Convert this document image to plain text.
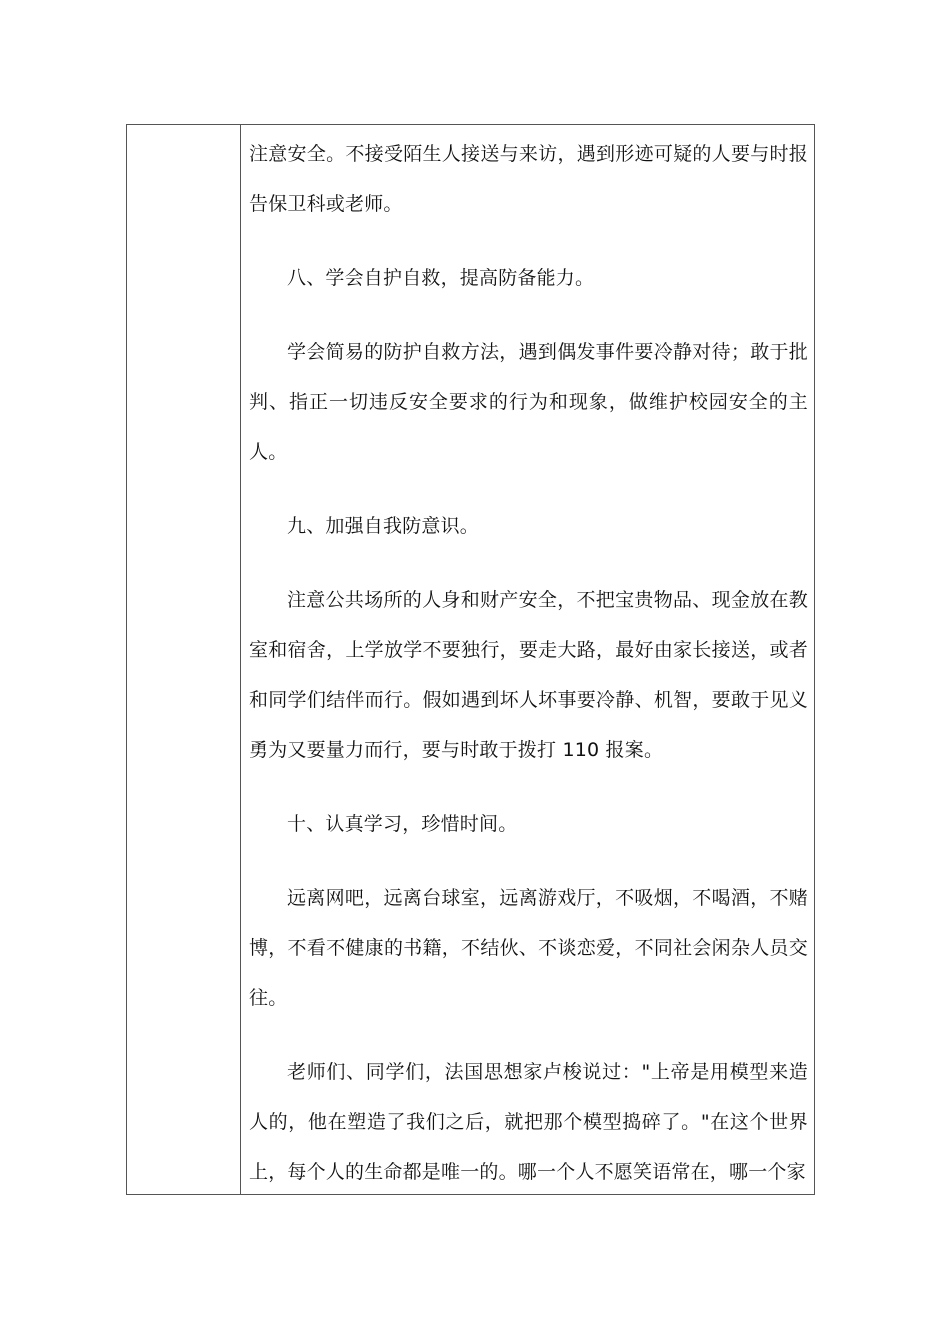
注意安全。不接受陌生人接送与来访，遇到形迹可疑的人要与时报告保卫科或老师。

八、学会自护自救，提高防备能力。

学会简易的防护自救方法，遇到偶发事件要冷静对待；敢于批判、指正一切违反安全要求的行为和现象，做维护校园安全的主人。

九、加强自我防意识。

注意公共场所的人身和财产安全，不把宝贵物品、现金放在教室和宿舍，上学放学不要独行，要走大路，最好由家长接送，或者和同学们结伴而行。假如遇到坏人坏事要冷静、机智，要敢于见义勇为又要量力而行，要与时敢于拨打 110 报案。

十、认真学习，珍惜时间。

远离网吧，远离台球室，远离游戏厅，不吸烟，不喝酒，不赌博，不看不健康的书籍，不结伙、不谈恋爱，不同社会闲杂人员交往。

老师们、同学们，法国思想家卢梭说过："上帝是用模型来造人的，他在塑造了我们之后，就把那个模型捣碎了。"在这个世界上，每个人的生命都是唯一的。哪一个人不愿笑语常在，哪一个家
